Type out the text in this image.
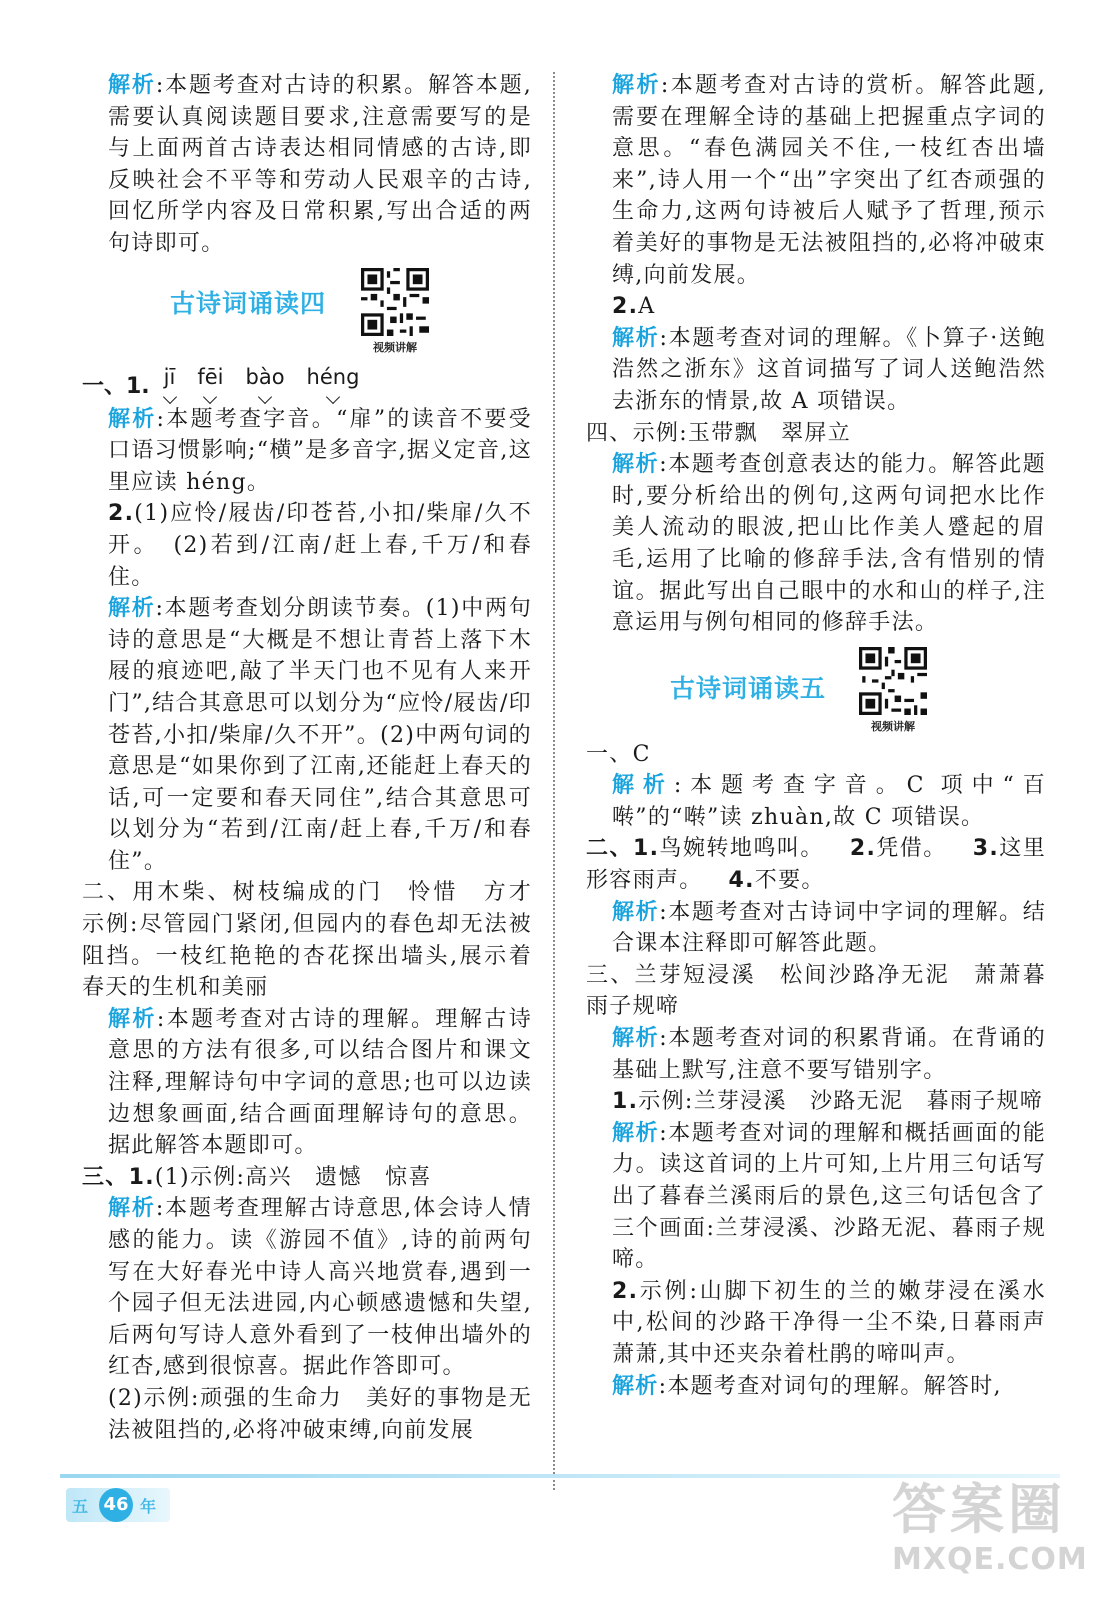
解析:本题考查对古诗的积累。解答本题,需要认真阅读题目要求,注意需要写的是与上面两首古诗表达相同情感的古诗,即反映社会不平等和劳动人民艰辛的古诗,回忆所学内容及日常积累,写出合适的两句诗即可。

古诗词诵读四
视频讲解
一、1. jī fēi bào héng

解析:本题考查字音。“扉”的读音不要受口语习惯影响;“横”是多音字,据义定音,这里应读 héng。

2.(1)应怜/屐齿/印苍苔,小扣/柴扉/久不开。　(2)若到/江南/赶上春,千万/和春住。

解析:本题考查划分朗读节奏。(1)中两句诗的意思是“大概是不想让青苔上落下木屐的痕迹吧,敲了半天门也不见有人来开门”,结合其意思可以划分为“应怜/屐齿/印苍苔,小扣/柴扉/久不开”。(2)中两句词的意思是“如果你到了江南,还能赶上春天的话,可一定要和春天同住”,结合其意思可以划分为“若到/江南/赶上春,千万/和春住”。

二、用木柴、树枝编成的门　怜惜　方才　示例:尽管园门紧闭,但园内的春色却无法被阻挡。一枝红艳艳的杏花探出墙头,展示着春天的生机和美丽

解析:本题考查对古诗的理解。理解古诗意思的方法有很多,可以结合图片和课文注释,理解诗句中字词的意思;也可以边读边想象画面,结合画面理解诗句的意思。据此解答本题即可。

三、1.(1)示例:高兴　遗憾　惊喜

解析:本题考查理解古诗意思,体会诗人情感的能力。读《游园不值》,诗的前两句写在大好春光中诗人高兴地赏春,遇到一个园子但无法进园,内心顿感遗憾和失望,后两句写诗人意外看到了一枝伸出墙外的红杏,感到很惊喜。据此作答即可。

(2)示例:顽强的生命力　美好的事物是无法被阻挡的,必将冲破束缚,向前发展

解析:本题考查对古诗的赏析。解答此题,需要在理解全诗的基础上把握重点字词的意思。“春色满园关不住,一枝红杏出墙来”,诗人用一个“出”字突出了红杏顽强的生命力,这两句诗被后人赋予了哲理,预示着美好的事物是无法被阻挡的,必将冲破束缚,向前发展。

2.A

解析:本题考查对词的理解。《卜算子·送鲍浩然之浙东》这首词描写了词人送鲍浩然去浙东的情景,故 A 项错误。

四、示例:玉带飘　翠屏立

解析:本题考查创意表达的能力。解答此题时,要分析给出的例句,这两句词把水比作美人流动的眼波,把山比作美人蹙起的眉毛,运用了比喻的修辞手法,含有惜别的情谊。据此写出自己眼中的水和山的样子,注意运用与例句相同的修辞手法。

古诗词诵读五
视频讲解

一、C

解析:本题考查字音。C 项中“百啭”的“啭”读 zhuàn,故 C 项错误。

二、1.鸟婉转地鸣叫。 2.凭借。 3.这里形容雨声。 4.不要。

解析:本题考查对古诗词中字词的理解。结合课本注释即可解答此题。

三、兰芽短浸溪　松间沙路净无泥　萧萧暮雨子规啼

解析:本题考查对词的积累背诵。在背诵的基础上默写,注意不要写错别字。

1.示例:兰芽浸溪　沙路无泥　暮雨子规啼

解析:本题考查对词的理解和概括画面的能力。读这首词的上片可知,上片用三句话写出了暮春兰溪雨后的景色,这三句话包含了三个画面:兰芽浸溪、沙路无泥、暮雨子规啼。

2.示例:山脚下初生的兰的嫩芽浸在溪水中,松间的沙路干净得一尘不染,日暮雨声萧萧,其中还夹杂着杜鹃的啼叫声。

解析:本题考查对词句的理解。解答时,

五 46 年	答案圈
MXQE.COM
